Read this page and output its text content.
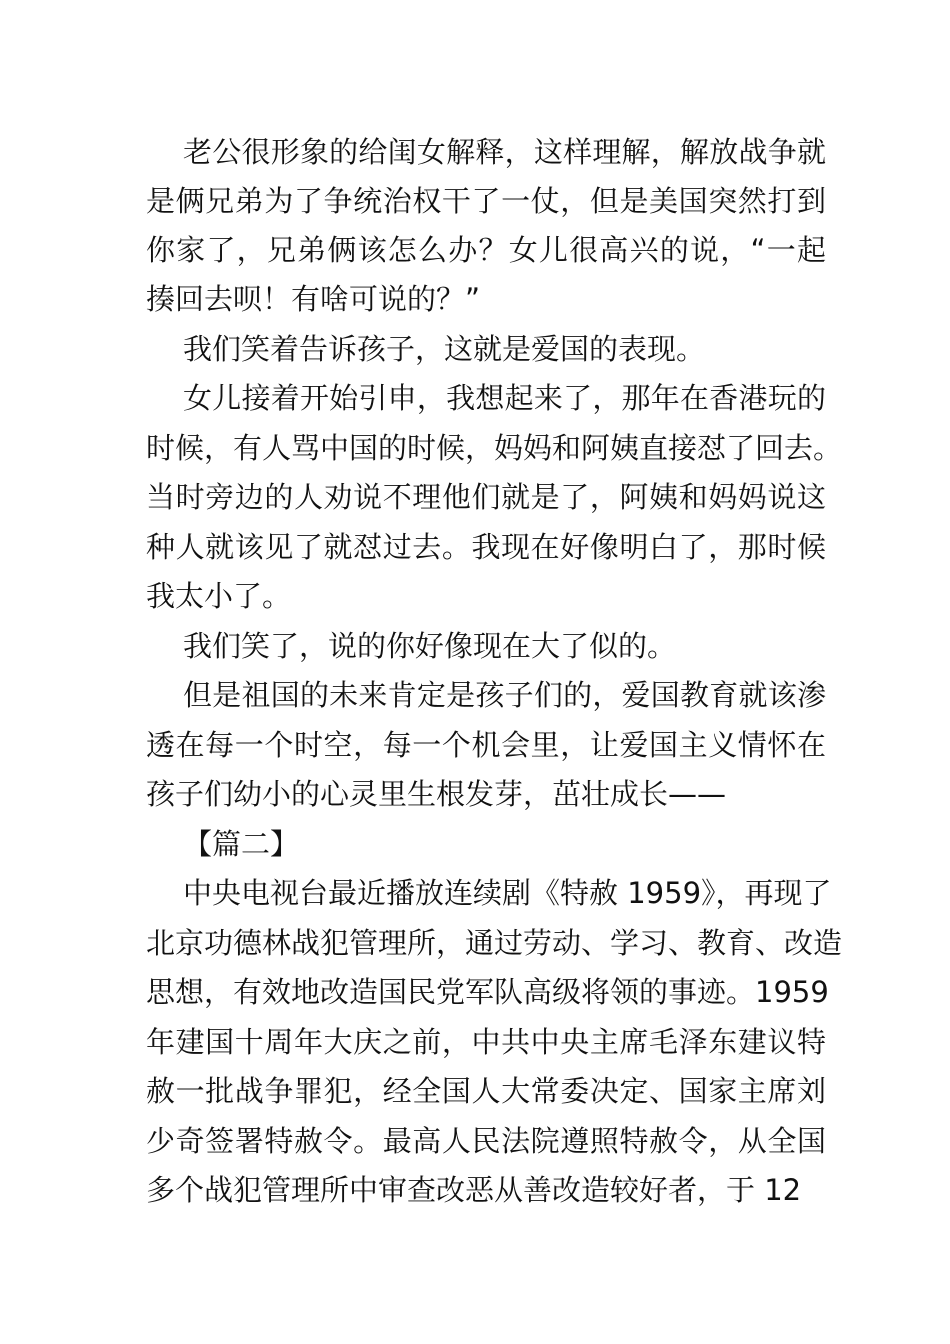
老公很形象的给闺女解释，这样理解，解放战争就
是俩兄弟为了争统治权干了一仗，但是美国突然打到
你家了，兄弟俩该怎么办？女儿很高兴的说，“一起
揍回去呗！有啥可说的？”
我们笑着告诉孩子，这就是爱国的表现。
女儿接着开始引申，我想起来了，那年在香港玩的
时候，有人骂中国的时候，妈妈和阿姨直接怼了回去。
当时旁边的人劝说不理他们就是了，阿姨和妈妈说这
种人就该见了就怼过去。我现在好像明白了，那时候
我太小了。
我们笑了，说的你好像现在大了似的。
但是祖国的未来肯定是孩子们的，爱国教育就该渗
透在每一个时空，每一个机会里，让爱国主义情怀在
孩子们幼小的心灵里生根发芽，茁壮成长——
【篇二】
中央电视台最近播放连续剧《特赦 1959》，再现了
北京功德林战犯管理所，通过劳动、学习、教育、改造
思想，有效地改造国民党军队高级将领的事迹。1959
年建国十周年大庆之前，中共中央主席毛泽东建议特
赦一批战争罪犯，经全国人大常委决定、国家主席刘
少奇签署特赦令。最高人民法院遵照特赦令，从全国
多个战犯管理所中审查改恶从善改造较好者，于 12
